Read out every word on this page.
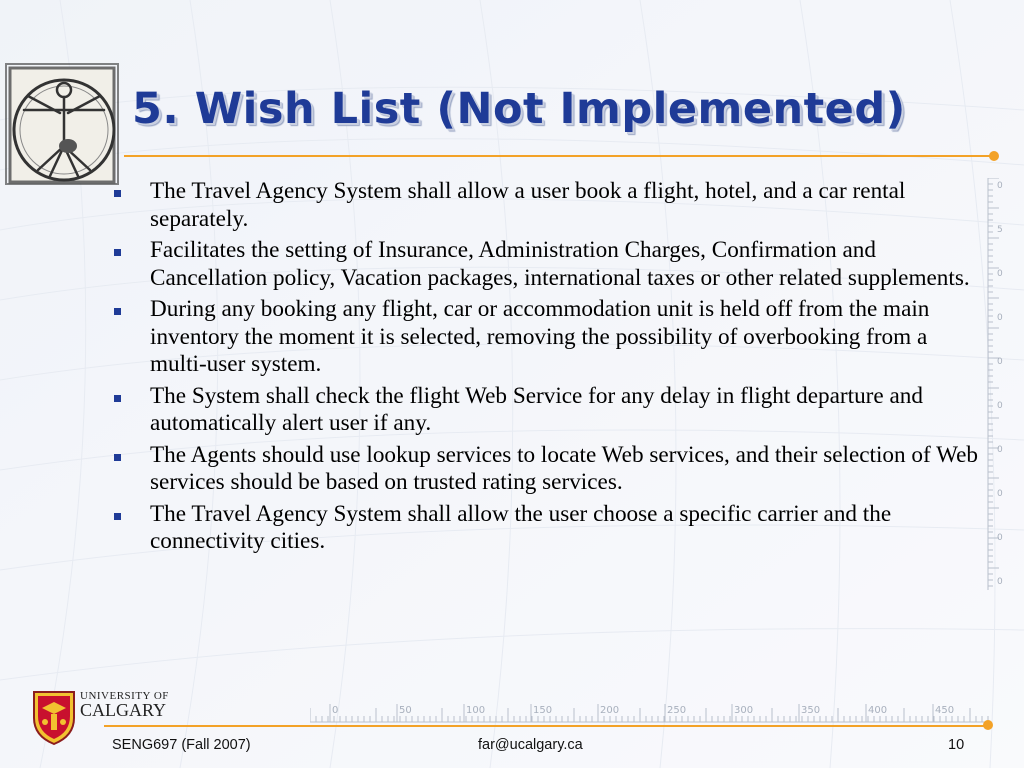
5. Wish List (Not Implemented)
The Travel Agency System shall allow a user book a flight, hotel, and a car rental separately.
Facilitates the setting of Insurance, Administration Charges, Confirmation and Cancellation policy, Vacation packages, international taxes or other related supplements.
During any booking any flight, car or accommodation unit is held off from the main inventory the moment it is selected, removing the possibility of overbooking from a multi-user system.
The System shall check the flight Web Service for any delay in flight departure and automatically alert user if any.
The Agents should use lookup services to locate Web services, and their selection of Web services should be based on trusted rating services.
The Travel Agency System shall allow the user choose a specific carrier and the connectivity cities.
0
5
0
0
0
0
0
0
0
0
0	50	100	150	200	250	300	350	400	450
UNIVERSITY OF
CALGARY
SENG697 (Fall 2007)	far@ucalgary.ca	10
